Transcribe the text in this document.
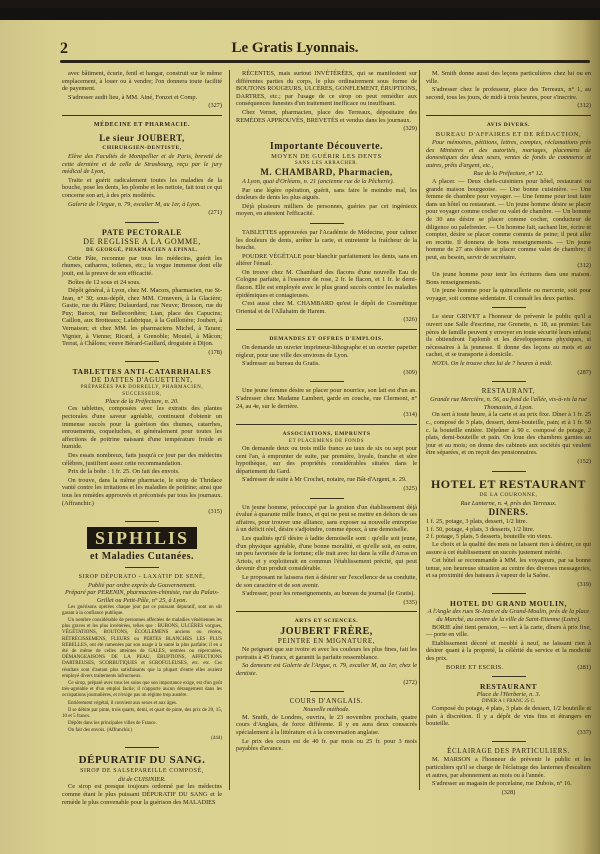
2	Le Gratis Lyonnais.

avec bâtiment, écurie, fenil et hangar, construit sur le même emplacement, à louer ou à vendre; l'on donnera toute facilité de payement.

S'adresser audit lieu, à MM. Ainé, Fonzet et Comp.

(327)

MÉDECINE ET PHARMACIE.
Le sieur JOUBERT,
CHIRURGIEN-DENTISTE,

Elève des Facultés de Montpellier et de Paris, breveté de cette dernière et de celle de Strasbourg, reçu par le jury médical de Lyon,

Traite et guérit radicalement toutes les maladies de la bouche, pose les dents, les plombe et les nettoie, fait tout ce qui concerne son art, à des prix modérés.

Galerie de l'Argue, n. 79, escalier M, au 1er, à Lyon.

(271)

PATE PECTORALE
DE REGLISSE A LA GOMME,
DE GEORGÉ, PHARMACIEN A EPINAL.

Cette Pâte, reconnue par tous les médecins, guérit les rhumes, catharres, toilenes, etc.; la vogue immense dont elle jouit, est la preuve de son efficacité.

Boîtes de 12 sous et 24 sous.

Dépôt général, à Lyon, chez M. Macors, pharmacien, rue St-Jean, n° 30; sous-dépôt, chez MM. Crmevers, à la Glacière; Gastie, rue du Plâtre; Dulaurdard, rue Neuve; Brosson, rue du Puy; Barcot, rue Bellecordière; Lian, place des Capucins; Caillon, aux Brotteaux; Lafabrique, à la Guillotière; Joubert, à Vernaison; et chez MM. les pharmaciens Michel, à Tarare; Vignier, à Vienne; Ricard, à Grenoble; Mouiel, à Mâcon; Terrat, à Châlons; veuve Bérard-Gaillard, droguiste à Dijon.

(178)

TABLETTES ANTI-CATARRHALES
DE DATTES D'AGUETTENT,
PRÉPARÉES PAR DORRELLY, PHARMACIEN, SUCCESSEUR,
Place de la Préfecture, n. 20.

Ces tablettes, composées avec les extraits des plantes pectorales d'une saveur agréable, continuent d'obtenir un immense succès pour la guérison des rhumes, catarrhes, enrouements, coqueluches, et généralement pour toutes les affections de poitrine naissant d'une température froide et humide.

Des essais nombreux, faits jusqu'à ce jour par des médecins célèbres, justifient assez cette recommandation.

Prix de la boîte : 1 fr. 25. On fait des envois.

On trouve, dans la même pharmacie, le sirop de Thridace vanté contre les irritations et les maladies de poitrine; ainsi que tous les remèdes approuvés et préconisés par tous les journaux. (Affranchir.)

(315)

SIPHILIS
et Maladies Cutanées.
SIROP DÉPURATO - LAXATIF DE SENÉ,
Publié par ordre exprès du Gouvernement.
Préparé par PERENIN, pharmacien-chimiste, rue du Palais-Grillet ou Petit-Pâle, n° 25, à Lyon.

Les guérisons opérées chaque jour par ce puissant dépuratif, sont un sûr garant à la confiance publique.

Un nombre considérable de personnes affectées de maladies vénériennes les plus graves et les plus invétérées, telles que : BUBONS, ULCÈRES vorgues, VÉGÉTATIONS, BOUTONS, ÉCOULEMENS anciens ou récens, RÉTRÉCISSEMENS, FLEURS ou PERTES BLANCHES LES PLUS REBELLES, ont été ramenées par son usage à la santé la plus parfaite; il en a été de même de celles atteintes de GALES, rentrées ou répercutées, DÉMANGEAISONS DE LA PEAU, ÉRUPTIONS, AFFECTIONS DARTREUSES, SCORBUTIQUES et SCROFULEUSES, etc. etc. Ces résultats sont d'autant plus satisfaisants que la plupart d'entre elles avaient employé divers traitements infructueux.

Ce sirop, préparé avec tous les soins que son importance exige, est d'un goût très-agréable et d'un emploi facile; il n'apporte aucun dérangement dans les occupations journalières, et n'exige pas un régime trop austère.

Entièrement végétal, il convient aux sexes et aux âges.

Il se débite par pinte, trois quarts, demi, et quart de pinte, des prix de 20, 15, 10 et 5 francs.

Dépôts dans les principales villes de France.

On fait des envois. (Affranchir.)

(444)

DÉPURATIF DU SANG.
SIROP DE SALSEPAREILLE COMPOSÉ,
dit de CUISINIER.

Ce sirop est presque toujours ordonné par les médecins comme étant le plus puissant DÉPURATIF DU SANG et le remède le plus convenable pour la guérison des MALADIES

RÉCENTES, mais surtout INVÉTÉRÉES, qui se manifestent sur différentes parties du corps, le plus ordinairement sous forme de BOUTONS ROUGEURS, ULCÈRES, GONFLEMENT, ÉRUPTIONS, DARTRES, etc.; par l'usage de ce sirop on peut remédier aux conséquences funestes d'un traitement inefficace ou insuffisant.

Chez Vernet, pharmacien, place des Terreaux, dépositaire des REMÈDES APPROUVÉS, BREVETÉS et vendus dans les journaux.

(329)

Importante Découverte.
MOYEN DE GUÉRIR LES DENTS
SANS LES ARRACHER.
M. CHAMBARD, Pharmacien,

A Lyon, quai d'Orléans, n. 21 (ancienne rue de la Pêcherie).

Par une légère opération, guérit, sans faire le moindre mal, les douleurs de dents les plus aiguës.

Déjà plusieurs milliers de personnes, guéries par cet ingénieux moyen, en attestent l'efficacité.

TABLETTES approuvées par l'Académie de Médecine, pour calmer les douleurs de dents, arrêter la carie, et entretenir la fraîcheur de la bouche.

POUDRE VÉGÉTALE pour blanchir parfaitement les dents, sans en altérer l'émail.

On trouve chez M. Chambard des flacons d'une nouvelle Eau de Cologne parfaite, à l'essence de rose, 2 fr. le flacon, et 1 fr. le demi-flacon. Elle est employée avec le plus grand succès contre les maladies épidémiques et contagieuses.

C'est aussi chez M. CHAMBARD qu'est le dépôt de Cosmétique Oriental et de l'Allahaim de Harem.

(326)

DEMANDES ET OFFRES D'EMPLOIS.

On demande un ouvrier imprimeur-lithographe et un ouvrier papetier régleur, pour une ville des environs de Lyon.

S'adresser au bureau du Gratis.

(309)

Une jeune femme désire se placer pour nourrice, son lait est d'un an. S'adresser chez Madame Lambert, garde en couche, rue Clermont, n° 24, au 4e, sur le derrière.

(314)

ASSOCIATIONS, EMPRUNTS
ET PLACEMENS DE FONDS

On demande deux ou trois mille francs au taux de six ou sept pour cent l'an, à emprunter de suite, par première, loyale, franche et sûre hypothèque, sur des propriétés considérables situées dans le département du Gard.

S'adresser de suite à Mr Crochet, notaire, rue Bât-d'Argent, n. 29.

(325)

Un jeune homme, préoccupé par la gestion d'un établissement déjà évalué à quarante mille francs, et qui ne peut se mettre en dehors de ses affaires, pour trouver une alliance, sans exposer sa nouvelle entreprise à un déficit réel, désire s'adjoindre, comme époux, à une demoiselle.

Les qualités qu'il désire à ladite demoiselle sont : qu'elle soit jeune, d'un physique agréable, d'une bonne moralité, et qu'elle soit, en outre, un peu favorisée de la fortune; elle irait avec lui dans la ville d'Arras en Artois, et y exploiterait en commun l'établissement précité, qui peut devenir d'un produit considérable.

Le proposant ne laissera rien à désirer sur l'excellence de sa conduite, de son caractère et de son avenir.

S'adresser, pour les renseignements, au bureau du journal (le Gratis).

(335)

ARTS ET SCIENCES.
JOUBERT FRÈRE,
PEINTRE EN MIGNATURE,

Ne peignant que sur ivoire et avec les couleurs les plus fines, fait les portraits à 45 francs, et garantit la parfaite ressemblance.

Sa demeure est Galerie de l'Argue, n. 79, escalier M, au 1er, chez le dentiste.

(272)

COURS D'ANGLAIS.
Nouvelle méthode.

M. Smith, de Londres, ouvrira, le 23 novembre prochain, quatre cours d'Anglais, de force différente. Il y en aura deux consacrés spécialement à la littérature et à la conversation anglaise.

Le prix des cours est de 40 fr. par mois ou 25 fr. pour 3 mois payables d'avance.

M. Smith donne aussi des leçons particulières chez lui ou en ville.

S'adresser chez le professeur, place des Terreaux, n° 1, au second, tous les jours, de midi à trois heures, pour s'inscrire.

(312)

AVIS DIVERS.
BUREAU D'AFFAIRES ET DE RÉDACTION,

Pour mémoires, pétitions, lettres, comptes, réclamations près des Ministres et des autorités, mariages, placemens de domestiques des deux sexes, ventes de fonds de commerce et autres, prêts d'argent, etc.,

Rue de la Préfecture, n° 12.

A placer. — Deux chefs-cuisiniers pour hôtel, restaurant ou grande maison bourgeoise. — Une bonne cuisinière. — Une femme de chambre pour voyager. — Une femme pour tout faire dans un hôtel ou restaurant. — Un jeune homme désire se placer pour voyager comme cocher ou valet de chambre. — Un homme de 30 ans désire se placer comme cocher, conducteur de diligence ou palefrenier. — Un homme fait, sachant lire, écrire et compter, désire se placer comme commis de peine; il peut aller en recette. Il donnera de bons renseignements. — Un jeune homme de 27 ans désire se placer comme valet de chambre; il peut, au besoin, servir de secrétaire.

(312)

Un jeune homme pour tenir les écritures dans une maison. Bons renseignements.

Un jeune homme pour la quincaillerie ou mercerie, soit pour voyager, soit comme sédentaire. Il connaît les deux parties.

Le sieur GRIVET a l'honneur de prévenir le public qu'il a ouvert une Salle d'escrime, rue Grenette, n. 18, au premier. Les pères de famille peuvent y envoyer en toute sécurité leurs enfans; ils obtiendront l'aplomb et les développemens physiques, si nécessaires à la jeunesse. Il donne des leçons au mois et au cachet, et se transporte à domicile.

NOTA. On le trouve chez lui de 7 heures à midi.

(287)

RESTAURANT,
Grande rue Mercière, n. 56, au fond de l'allée, vis-à-vis la rue Thomassin, à Lyon.

On sert à toute heure, à la carte et au prix fixe. Dîner à 1 fr. 25 c., composé de 3 plats, dessert, demi-bouteille, pain; et à 1 fr. 50 c. la bouteille entière. Déjeûner à 90 c. composé de potage, 2 plats, demi-bouteille et pain. On loue des chambres garnies au jour et au mois; on donne des cabinets aux sociétés qui veulent être séparées, et on reçoit des pensionnaires.

(152)

HOTEL ET RESTAURANT
DE LA COURONNE,
Rue Lanterne, n. 4, près des Terreaux.
DINERS.
1 f. 25, potage, 3 plats, dessert, 1/2 litre.
1 f. 50, potage, 4 plats, 3 desserts, 1/2 litre.
2 f. potage, 5 plats, 5 desserts, bouteille vin vieux.

Le choix et la qualité des mets ne laissent rien à désirer, ce qui assure à cet établissement un succès justement mérité.

Cet hôtel se recommande à MM. les voyageurs, par sa bonne tenue, son heureuse situation au centre des diverses messageries, et sa proximité des bateaux à vapeur de la Saône.

(319)

HOTEL DU GRAND MOULIN,
A l'Angle des rues St-Jean et du Grand-Moulin, près de la place du Marché, au centre de la ville de Saint-Etienne (Loire).

BORIE aîné tient pension, — sert à la carte, dîners à prix fixe, — porte en ville.

Etablissement décoré et meublé à neuf, ne laissant rien à désirer quant à la propreté, la célérité du service et la modicité des prix.

BORIE ET ESCRIS.	(281)
RESTAURANT
Place de l'Herberie, n. 3.
DINER A 1 FRANC 25 C.

Composé du potage, 4 plats, 3 plats de dessert, 1/2 bouteille et pain à discrétion. Il y a dépôt de vins fins et étrangers en bouteille.

(337)

ÉCLAIRAGE DES PARTICULIERS.

M. MARSON a l'honneur de prévenir le public et les particuliers qu'il se charge de l'éclairage des lanternes d'escaliers et autres, par abonnement au mois ou à l'année.

S'adresser au magasin de porcelaine, rue Dubois, n° 16.

(328)
